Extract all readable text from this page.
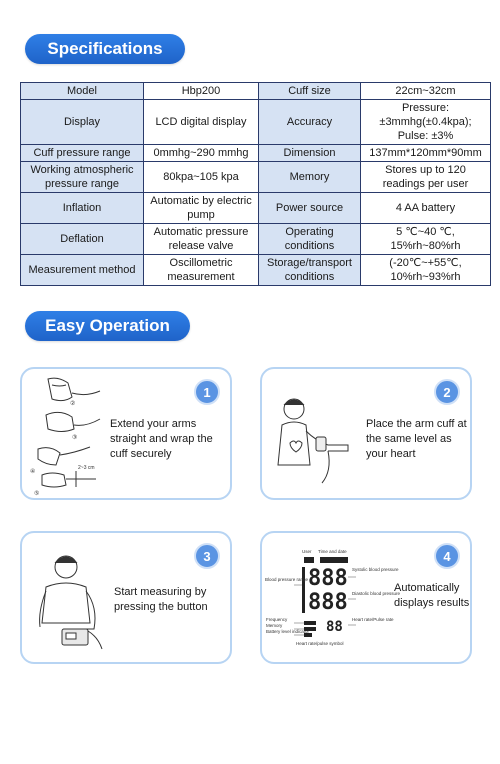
Specifications
Model	Hbp200	Cuff size	22cm~32cm
Display	LCD digital display	Accuracy	Pressure:
±3mmhg(±0.4kpa);
Pulse: ±3%
Cuff pressure range	0mmhg~290 mmhg	Dimension	137mm*120mm*90mm
Working atmospheric pressure range	80kpa~105 kpa	Memory	Stores up to 120 readings per user
Inflation	Automatic by electric pump	Power source	4 AA battery
Deflation	Automatic pressure release valve	Operating conditions	5 ℃~40 ℃,
15%rh~80%rh
Measurement method	Oscillometric measurement	Storage/transport conditions	(-20℃~+55℃,
10%rh~93%rh
Easy Operation
②
③
④
2~3 cm
⑤
1
Extend your arms straight and wrap the cuff securely
2
Place the arm cuff at the same level as your heart
3
Start measuring by pressing the button
User Time and date
888
888
88
Blood pressure range
Systolic blood pressure
Diastolic blood pressure
Heart rate/Pulse rate
Frequency
Memory
Battery level indicator
Heart rate/pulse symbol
4
Automatically displays results
